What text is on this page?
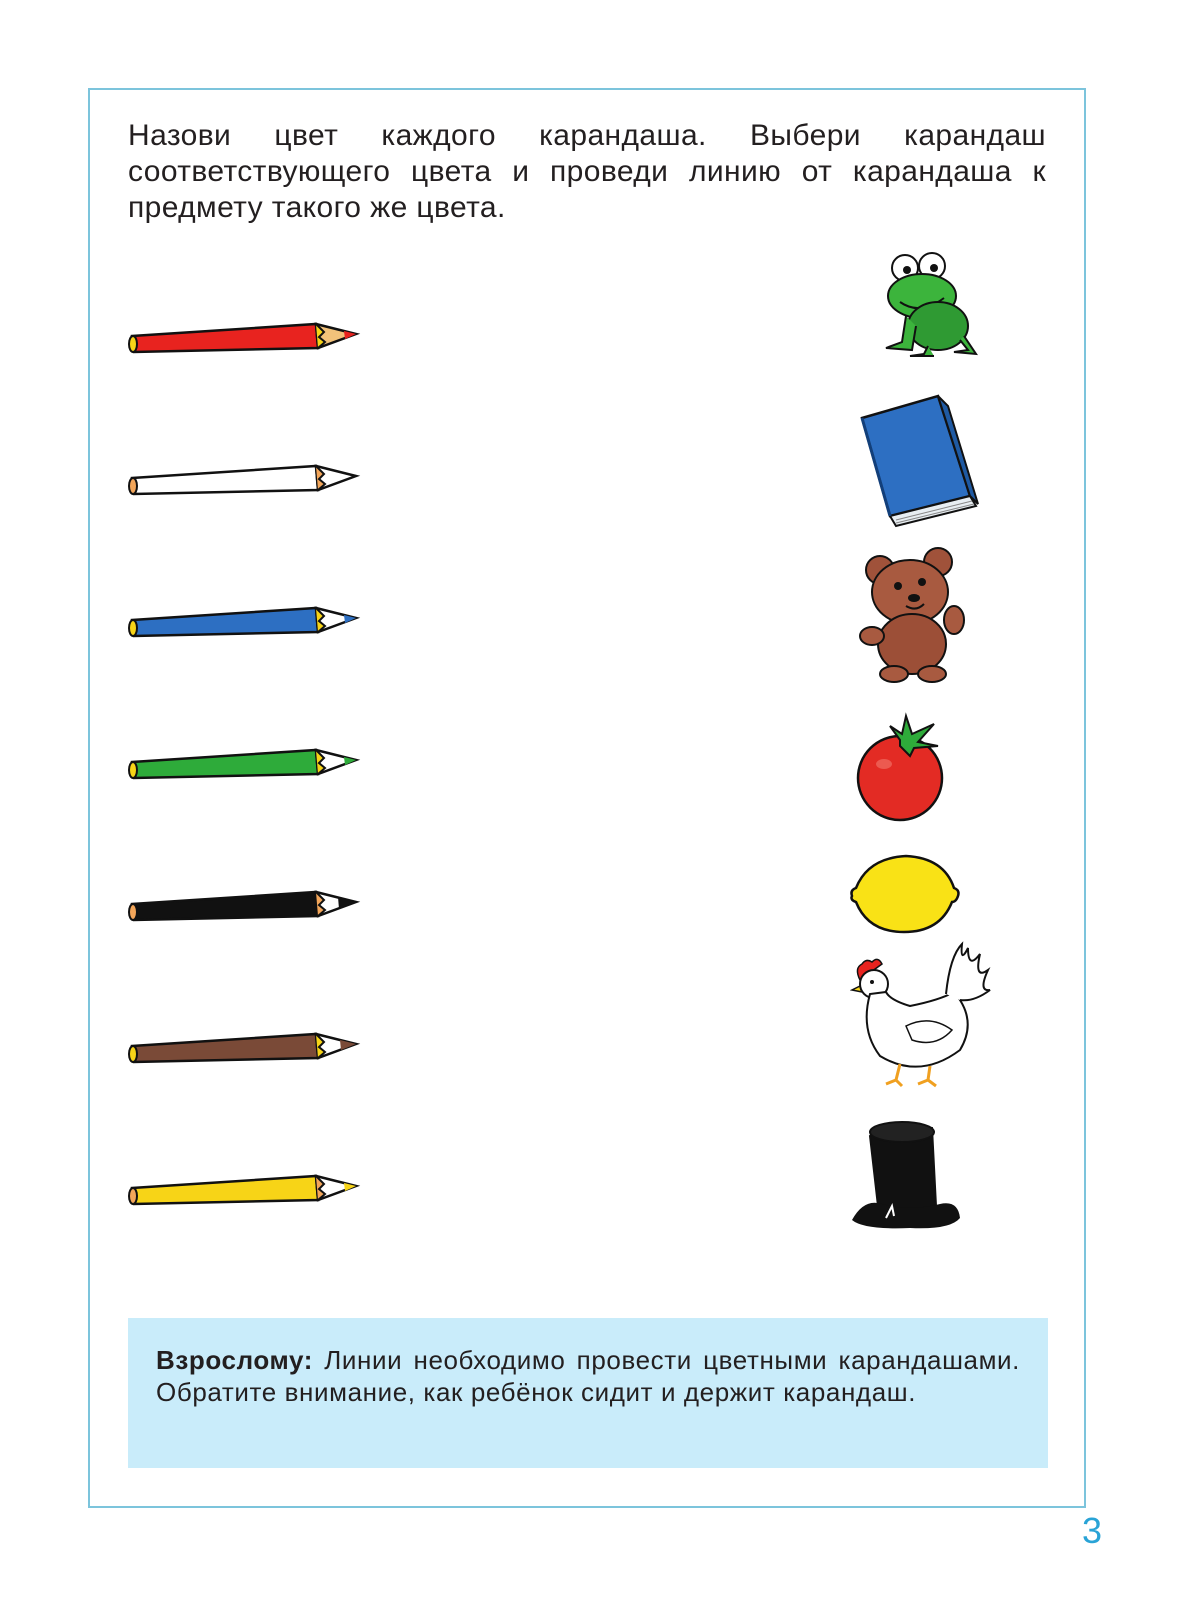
Назови цвет каждого карандаша. Выбери карандаш соответствующего цвета и проведи линию от карандаша к предмету такого же цвета.
Взрослому: Линии необходимо провести цветными карандашами. Обратите внимание, как ребёнок сидит и держит карандаш.
3
